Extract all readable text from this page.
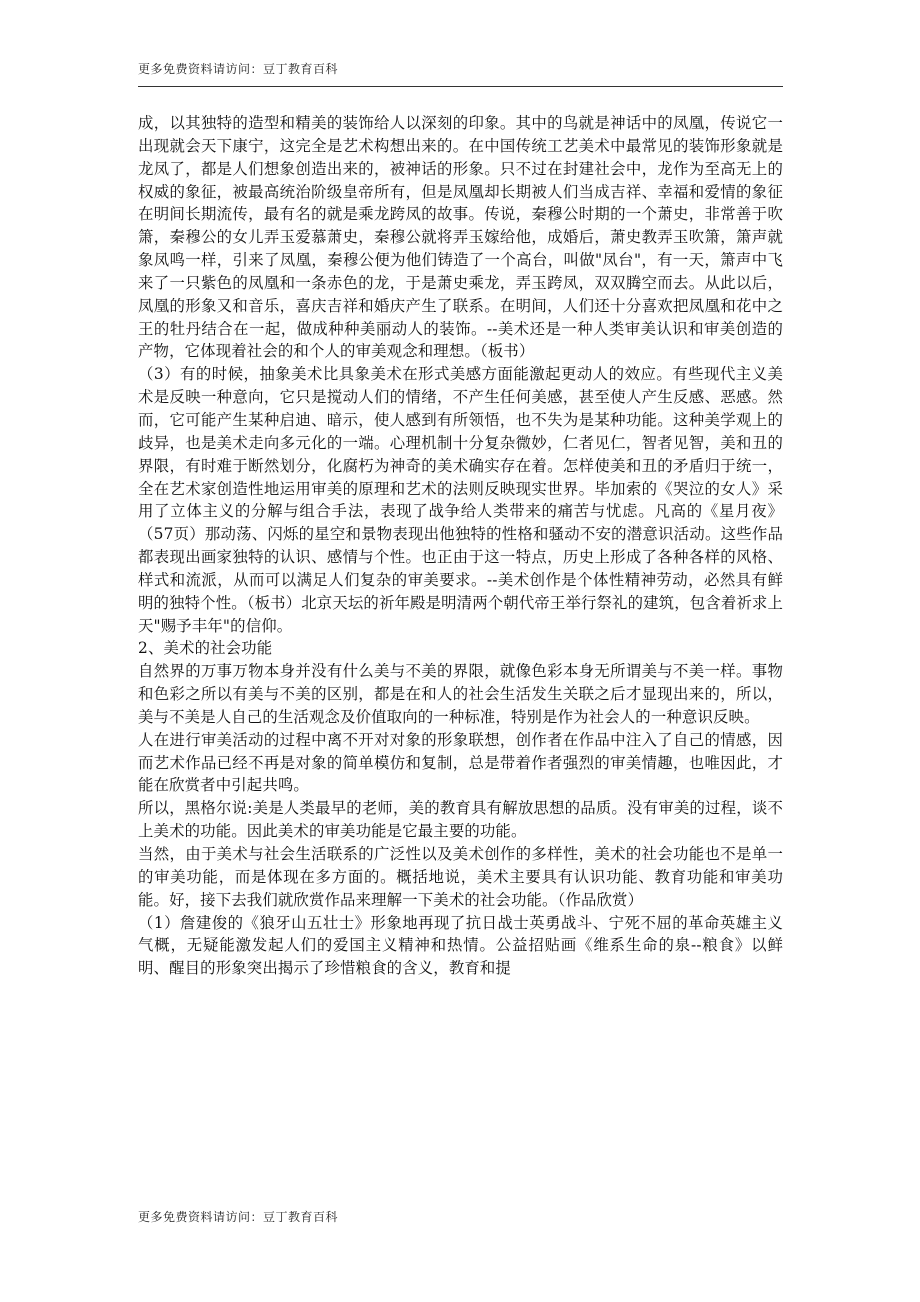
更多免费资料请访问：豆丁教育百科

成，以其独特的造型和精美的装饰给人以深刻的印象。其中的鸟就是神话中的凤凰，传说它一出现就会天下康宁，这完全是艺术构想出来的。在中国传统工艺美术中最常见的装饰形象就是龙凤了，都是人们想象创造出来的，被神话的形象。只不过在封建社会中，龙作为至高无上的权威的象征，被最高统治阶级皇帝所有，但是凤凰却长期被人们当成吉祥、幸福和爱情的象征在明间长期流传，最有名的就是乘龙跨凤的故事。传说，秦穆公时期的一个萧史，非常善于吹箫，秦穆公的女儿弄玉爱慕萧史，秦穆公就将弄玉嫁给他，成婚后，萧史教弄玉吹箫，箫声就象凤鸣一样，引来了凤凰，秦穆公便为他们铸造了一个高台，叫做"凤台"，有一天，箫声中飞来了一只紫色的凤凰和一条赤色的龙，于是萧史乘龙，弄玉跨凤，双双腾空而去。从此以后，凤凰的形象又和音乐，喜庆吉祥和婚庆产生了联系。在明间，人们还十分喜欢把凤凰和花中之王的牡丹结合在一起，做成种种美丽动人的装饰。--美术还是一种人类审美认识和审美创造的产物，它体现着社会的和个人的审美观念和理想。（板书）

（3）有的时候，抽象美术比具象美术在形式美感方面能激起更动人的效应。有些现代主义美术是反映一种意向，它只是搅动人们的情绪，不产生任何美感，甚至使人产生反感、恶感。然而，它可能产生某种启迪、暗示，使人感到有所领悟，也不失为是某种功能。这种美学观上的歧异，也是美术走向多元化的一端。心理机制十分复杂微妙，仁者见仁，智者见智，美和丑的界限，有时难于断然划分，化腐朽为神奇的美术确实存在着。怎样使美和丑的矛盾归于统一，全在艺术家创造性地运用审美的原理和艺术的法则反映现实世界。毕加索的《哭泣的女人》采用了立体主义的分解与组合手法，表现了战争给人类带来的痛苦与忧虑。凡高的《星月夜》（57页）那动荡、闪烁的星空和景物表现出他独特的性格和骚动不安的潜意识活动。这些作品都表现出画家独特的认识、感情与个性。也正由于这一特点，历史上形成了各种各样的风格、样式和流派，从而可以满足人们复杂的审美要求。--美术创作是个体性精神劳动，必然具有鲜明的独特个性。（板书）北京天坛的祈年殿是明清两个朝代帝王举行祭礼的建筑，包含着祈求上天"赐予丰年"的信仰。

2、美术的社会功能

自然界的万事万物本身并没有什么美与不美的界限，就像色彩本身无所谓美与不美一样。事物和色彩之所以有美与不美的区别，都是在和人的社会生活发生关联之后才显现出来的，所以，美与不美是人自己的生活观念及价值取向的一种标准，特别是作为社会人的一种意识反映。

人在进行审美活动的过程中离不开对对象的形象联想，创作者在作品中注入了自己的情感，因而艺术作品已经不再是对象的简单模仿和复制，总是带着作者强烈的审美情趣，也唯因此，才能在欣赏者中引起共鸣。

所以，黑格尔说:美是人类最早的老师，美的教育具有解放思想的品质。没有审美的过程，谈不上美术的功能。因此美术的审美功能是它最主要的功能。

当然，由于美术与社会生活联系的广泛性以及美术创作的多样性，美术的社会功能也不是单一的审美功能，而是体现在多方面的。概括地说，美术主要具有认识功能、教育功能和审美功能。好，接下去我们就欣赏作品来理解一下美术的社会功能。（作品欣赏）

（1）詹建俊的《狼牙山五壮士》形象地再现了抗日战士英勇战斗、宁死不屈的革命英雄主义气概，无疑能激发起人们的爱国主义精神和热情。公益招贴画《维系生命的泉--粮食》以鲜明、醒目的形象突出揭示了珍惜粮食的含义，教育和提

更多免费资料请访问：豆丁教育百科
